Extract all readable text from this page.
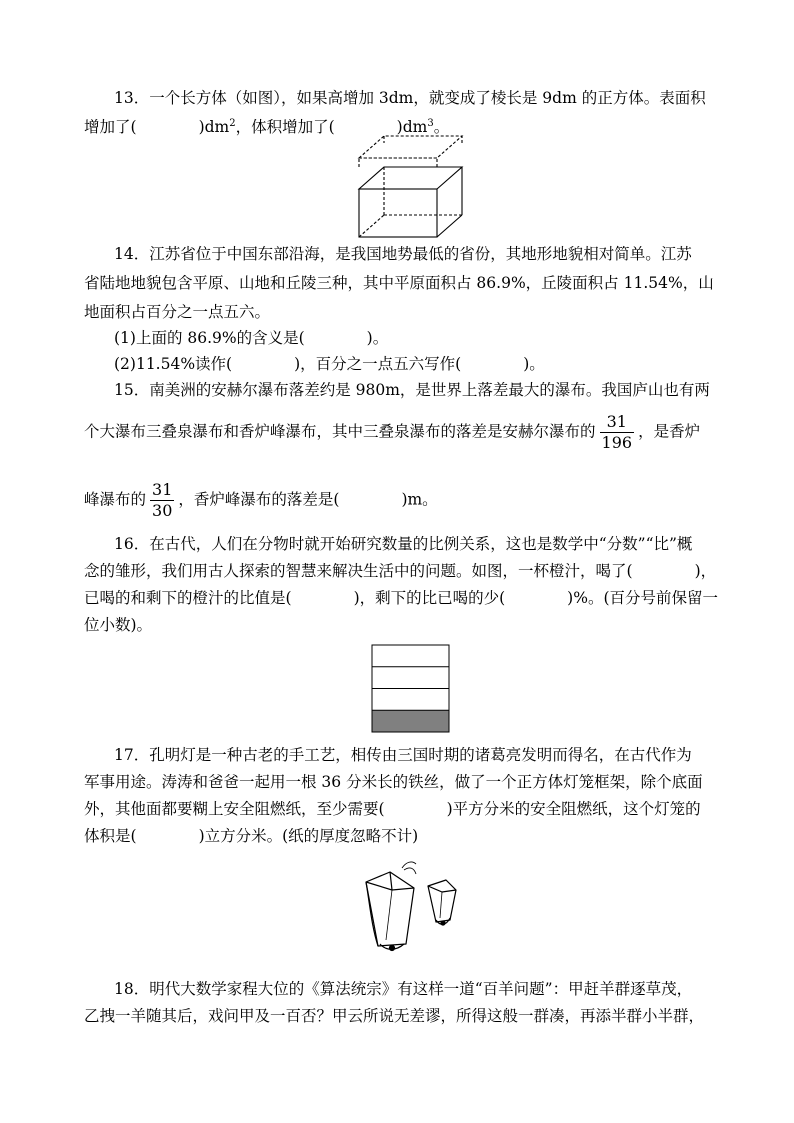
13．一个长方体（如图），如果高增加 3dm，就变成了棱长是 9dm 的正方体。表面积
增加了(	)$dm^2$，体积增加了(	)$dm^3$。
14．江苏省位于中国东部沿海，是我国地势最低的省份，其地形地貌相对简单。江苏
省陆地地貌包含平原、山地和丘陵三种，其中平原面积占 86.9%，丘陵面积占 11.54%，山
地面积占百分之一点五六。
(1)上面的 86.9%的含义是(	)。
(2)11.54%读作(	)，百分之一点五六写作(	)。
15．南美洲的安赫尔瀑布落差约是 980m，是世界上落差最大的瀑布。我国庐山也有两
个大瀑布三叠泉瀑布和香炉峰瀑布，其中三叠泉瀑布的落差是安赫尔瀑布的 $\frac{31}{196}$ ，是香炉
峰瀑布的 $\frac{31}{30}$ ，香炉峰瀑布的落差是(	)m。
16．在古代，人们在分物时就开始研究数量的比例关系，这也是数学中“分数”“比”概
念的雏形，我们用古人探索的智慧来解决生活中的问题。如图，一杯橙汁，喝了(	)，
已喝的和剩下的橙汁的比值是(	)，剩下的比已喝的少(	)%。(百分号前保留一
位小数)。
17．孔明灯是一种古老的手工艺，相传由三国时期的诸葛亮发明而得名，在古代作为
军事用途。涛涛和爸爸一起用一根 36 分米长的铁丝，做了一个正方体灯笼框架，除个底面
外，其他面都要糊上安全阻燃纸，至少需要(	)平方分米的安全阻燃纸，这个灯笼的
体积是(	)立方分米。(纸的厚度忽略不计)
18．明代大数学家程大位的《算法统宗》有这样一道“百羊问题”：甲赶羊群逐草茂，
乙拽一羊随其后，戏问甲及一百否？甲云所说无差谬，所得这般一群凑，再添半群小半群，
